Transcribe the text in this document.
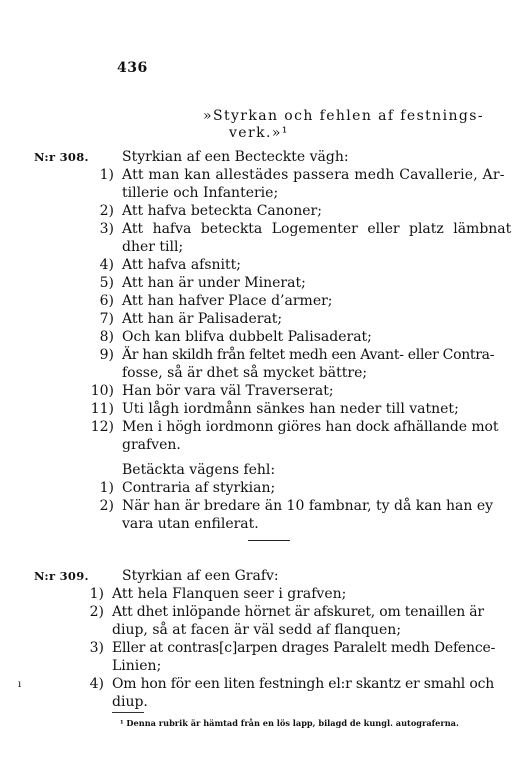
436
»Styrkan och fehlen af festnings-
verk.»¹
N:r 308. Styrkian af een Becteckte vägh:
1) Att man kan allestädes passera medh Cavallerie, Ar-
tillerie och Infanterie;
2) Att hafva beteckta Canoner;
3) Att hafva beteckta Logementer eller platz lämbnat
dher till;
4) Att hafva afsnitt;
5) Att han är under Minerat;
6) Att han hafver Place d’armer;
7) Att han är Palisaderat;
8) Och kan blifva dubbelt Palisaderat;
9) Är han skildh från feltet medh een Avant- eller Contra-
fosse, så är dhet så mycket bättre;
10) Han bör vara väl Traverserat;
11) Uti lågh iordmånn sänkes han neder till vatnet;
12) Men i högh iordmonn giöres han dock afhällande mot
grafven.
Betäckta vägens fehl:
1) Contraria af styrkian;
2) När han är bredare än 10 fambnar, ty då kan han ey
vara utan enfilerat.
N:r 309. Styrkian af een Grafv:
1) Att hela Flanquen seer i grafven;
2) Att dhet inlöpande hörnet är afskuret, om tenaillen är
diup, så at facen är väl sedd af flanquen;
3) Eller at contras[c]arpen drages Paralelt medh Defence-
Linien;
4) Om hon för een liten festningh el:r skantz er smahl och
diup.
ı
¹ Denna rubrik är hämtad från en lös lapp, bilagd de kungl. autograferna.
